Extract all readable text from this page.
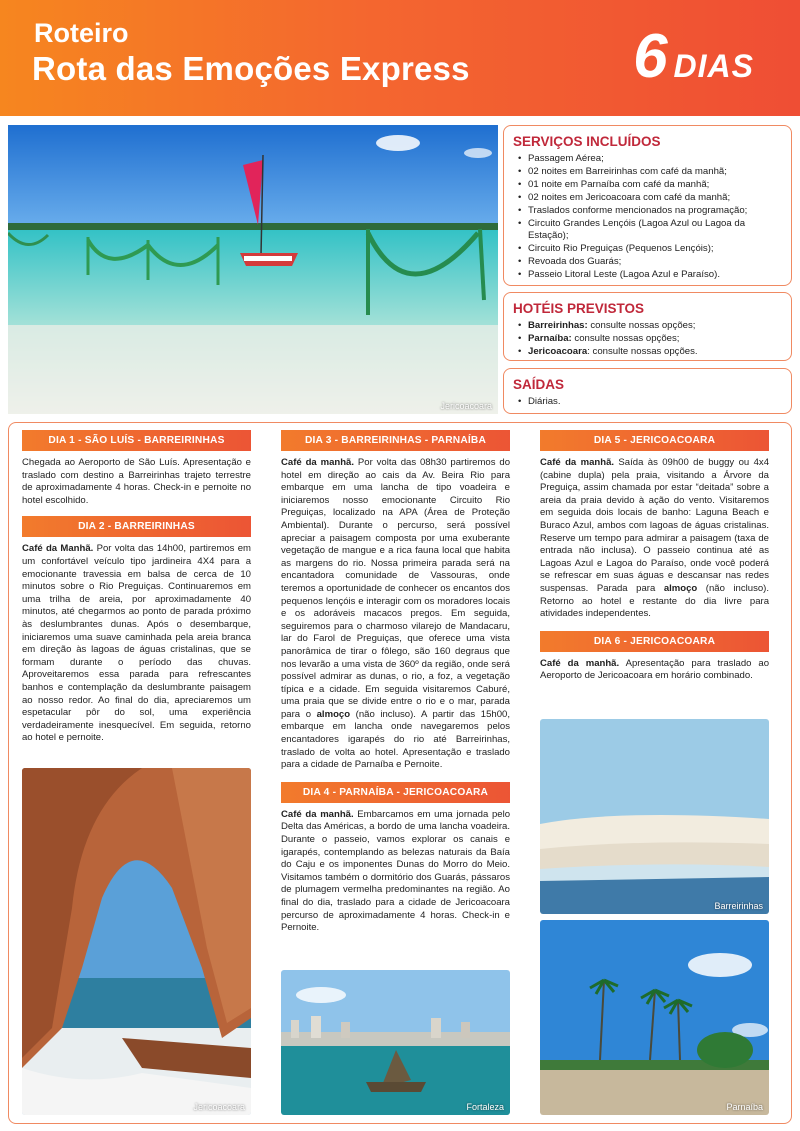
Roteiro
Rota das Emoções Express	6 DIAS
Jericoacoara
SERVIÇOS INCLUÍDOS
• Passagem Aérea;
• 02 noites em Barreirinhas com café da manhã;
• 01 noite em Parnaíba com café da manhã;
• 02 noites em Jericoacoara com café da manhã;
• Traslados conforme mencionados na programação;
• Circuito Grandes Lençóis (Lagoa Azul ou Lagoa da Estação);
• Circuito Rio Preguiças (Pequenos Lençóis);
• Revoada dos Guarás;
• Passeio Litoral Leste (Lagoa Azul e Paraíso).
HOTÉIS PREVISTOS
• Barreirinhas: consulte nossas opções;
• Parnaíba: consulte nossas opções;
• Jericoacoara: consulte nossas opções.
SAÍDAS
• Diárias.
DIA 1 - SÃO LUÍS - BARREIRINHAS
Chegada ao Aeroporto de São Luís. Apresentação e traslado com destino a Barreirinhas trajeto terrestre de aproximadamente 4 horas. Check-in e pernoite no hotel escolhido.
DIA 2 - BARREIRINHAS
Café da Manhã. Por volta das 14h00, partiremos em um confortável veículo tipo jardineira 4X4 para a emocionante travessia em balsa de cerca de 10 minutos sobre o Rio Preguiças. Continuaremos em uma trilha de areia, por aproximadamente 40 minutos, até chegarmos ao ponto de parada próximo às deslumbrantes dunas. Após o desembarque, iniciaremos uma suave caminhada pela areia branca em direção às lagoas de águas cristalinas, que se formam durante o período das chuvas. Aproveitaremos essa parada para refrescantes banhos e contemplação da deslumbrante paisagem ao nosso redor. Ao final do dia, apreciaremos um espetacular pôr do sol, uma experiência verdadeiramente inesquecível. Em seguida, retorno ao hotel e pernoite.
Jericoacoara
DIA 3 - BARREIRINHAS - PARNAÍBA
Café da manhã. Por volta das 08h30 partiremos do hotel em direção ao cais da Av. Beira Rio para embarque em uma lancha de tipo voadeira e iniciaremos nosso emocionante Circuito Rio Preguiças, localizado na APA (Área de Proteção Ambiental). Durante o percurso, será possível apreciar a paisagem composta por uma exuberante vegetação de mangue e a rica fauna local que habita as margens do rio. Nossa primeira parada será na encantadora comunidade de Vassouras, onde teremos a oportunidade de conhecer os encantos dos pequenos lençóis e interagir com os moradores locais e os adoráveis macacos pregos. Em seguida, seguiremos para o charmoso vilarejo de Mandacaru, lar do Farol de Preguiças, que oferece uma vista panorâmica de tirar o fôlego, são 160 degraus que nos levarão a uma vista de 360º da região, onde será possível admirar as dunas, o rio, a foz, a vegetação típica e a cidade. Em seguida visitaremos Caburé, uma praia que se divide entre o rio e o mar, parada para o almoço (não incluso). A partir das 15h00, embarque em lancha onde navegaremos pelos encantadores igarapés do rio até Barreirinhas, traslado de volta ao hotel. Apresentação e traslado para a cidade de Parnaíba e Pernoite.
DIA 4 - PARNAÍBA - JERICOACOARA
Café da manhã. Embarcamos em uma jornada pelo Delta das Américas, a bordo de uma lancha voadeira. Durante o passeio, vamos explorar os canais e igarapés, contemplando as belezas naturais da Baía do Caju e os imponentes Dunas do Morro do Meio. Visitamos também o dormitório dos Guarás, pássaros de plumagem vermelha predominantes na região. Ao final do dia, traslado para a cidade de Jericoacoara percurso de aproximadamente 4 horas. Check-in e Pernoite.
Fortaleza
DIA 5 - JERICOACOARA
Café da manhã. Saída às 09h00 de buggy ou 4x4 (cabine dupla) pela praia, visitando a Árvore da Preguiça, assim chamada por estar “deitada” sobre a areia da praia devido à ação do vento. Visitaremos em seguida dois locais de banho: Laguna Beach e Buraco Azul, ambos com lagoas de águas cristalinas. Reserve um tempo para admirar a paisagem (taxa de entrada não inclusa). O passeio continua até as Lagoas Azul e Lagoa do Paraíso, onde você poderá se refrescar em suas águas e descansar nas redes suspensas. Parada para almoço (não incluso). Retorno ao hotel e restante do dia livre para atividades independentes.
DIA 6 - JERICOACOARA
Café da manhã. Apresentação para traslado ao Aeroporto de Jericoacoara em horário combinado.
Barreirinhas
Parnaíba
